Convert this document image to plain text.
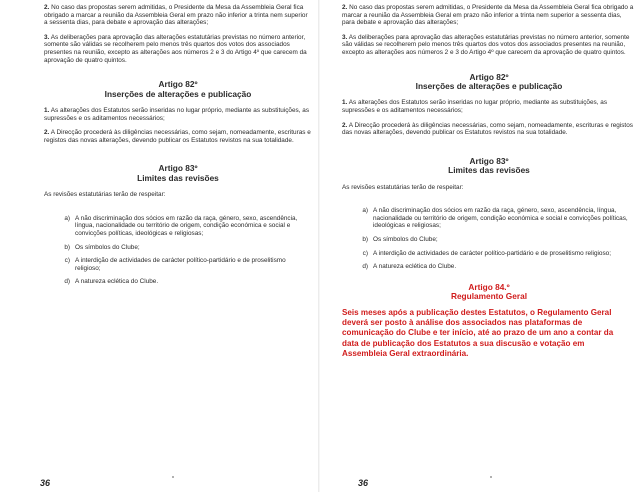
2. No caso das propostas serem admitidas, o Presidente da Mesa da Assembleia Geral fica obrigado a marcar a reunião da Assembleia Geral em prazo não inferior a trinta nem superior a sessenta dias, para debate e aprovação das alterações;

3. As deliberações para aprovação das alterações estatutárias previstas no número anterior, somente são válidas se recolherem pelo menos três quartos dos votos dos associados presentes na reunião, excepto as alterações aos números 2 e 3 do Artigo 4º que carecem da aprovação de quatro quintos.

Artigo 82º
Inserções de alterações e publicação

1. As alterações dos Estatutos serão inseridas no lugar próprio, mediante as substituições, as supressões e os aditamentos necessários;

2. A Direcção procederá às diligências necessárias, como sejam, nomeadamente, escrituras e registos das novas alterações, devendo publicar os Estatutos revistos na sua totalidade.

Artigo 83º
Limites das revisões

As revisões estatutárias terão de respeitar:

a) A não discriminação dos sócios em razão da raça, género, sexo, ascendência, língua, nacionalidade ou território de origem, condição económica e social e convicções políticas, ideológicas e religiosas;
b) Os símbolos do Clube;
c) A interdição de actividades de carácter político-partidário e de proselitismo religioso;
d) A natureza eclética do Clube.
36

2. No caso das propostas serem admitidas, o Presidente da Mesa da Assembleia Geral fica obrigado a marcar a reunião da Assembleia Geral em prazo não inferior a trinta nem superior a sessenta dias, para debate e aprovação das alterações;

3. As deliberações para aprovação das alterações estatutárias previstas no número anterior, somente são válidas se recolherem pelo menos três quartos dos votos dos associados presentes na reunião, excepto as alterações aos números 2 e 3 do Artigo 4º que carecem da aprovação de quatro quintos.

Artigo 82º
Inserções de alterações e publicação

1. As alterações dos Estatutos serão inseridas no lugar próprio, mediante as substituições, as supressões e os aditamentos necessários;

2. A Direcção procederá às diligências necessárias, como sejam, nomeadamente, escrituras e registos das novas alterações, devendo publicar os Estatutos revistos na sua totalidade.

Artigo 83º
Limites das revisões

As revisões estatutárias terão de respeitar:

a) A não discriminação dos sócios em razão da raça, género, sexo, ascendência, língua, nacionalidade ou território de origem, condição económica e social e convicções políticas, ideológicas e religiosas;
b) Os símbolos do Clube;
c) A interdição de actividades de carácter político-partidário e de proselitismo religioso;
d) A natureza eclética do Clube.
Artigo 84.º
Regulamento Geral

Seis meses após a publicação destes Estatutos, o Regulamento Geral deverá ser posto à análise dos associados nas plataformas de comunicação do Clube e ter início, até ao prazo de um ano a contar da data de publicação dos Estatutos a sua discusão e votação em Assembleia Geral extraordinária.

36
